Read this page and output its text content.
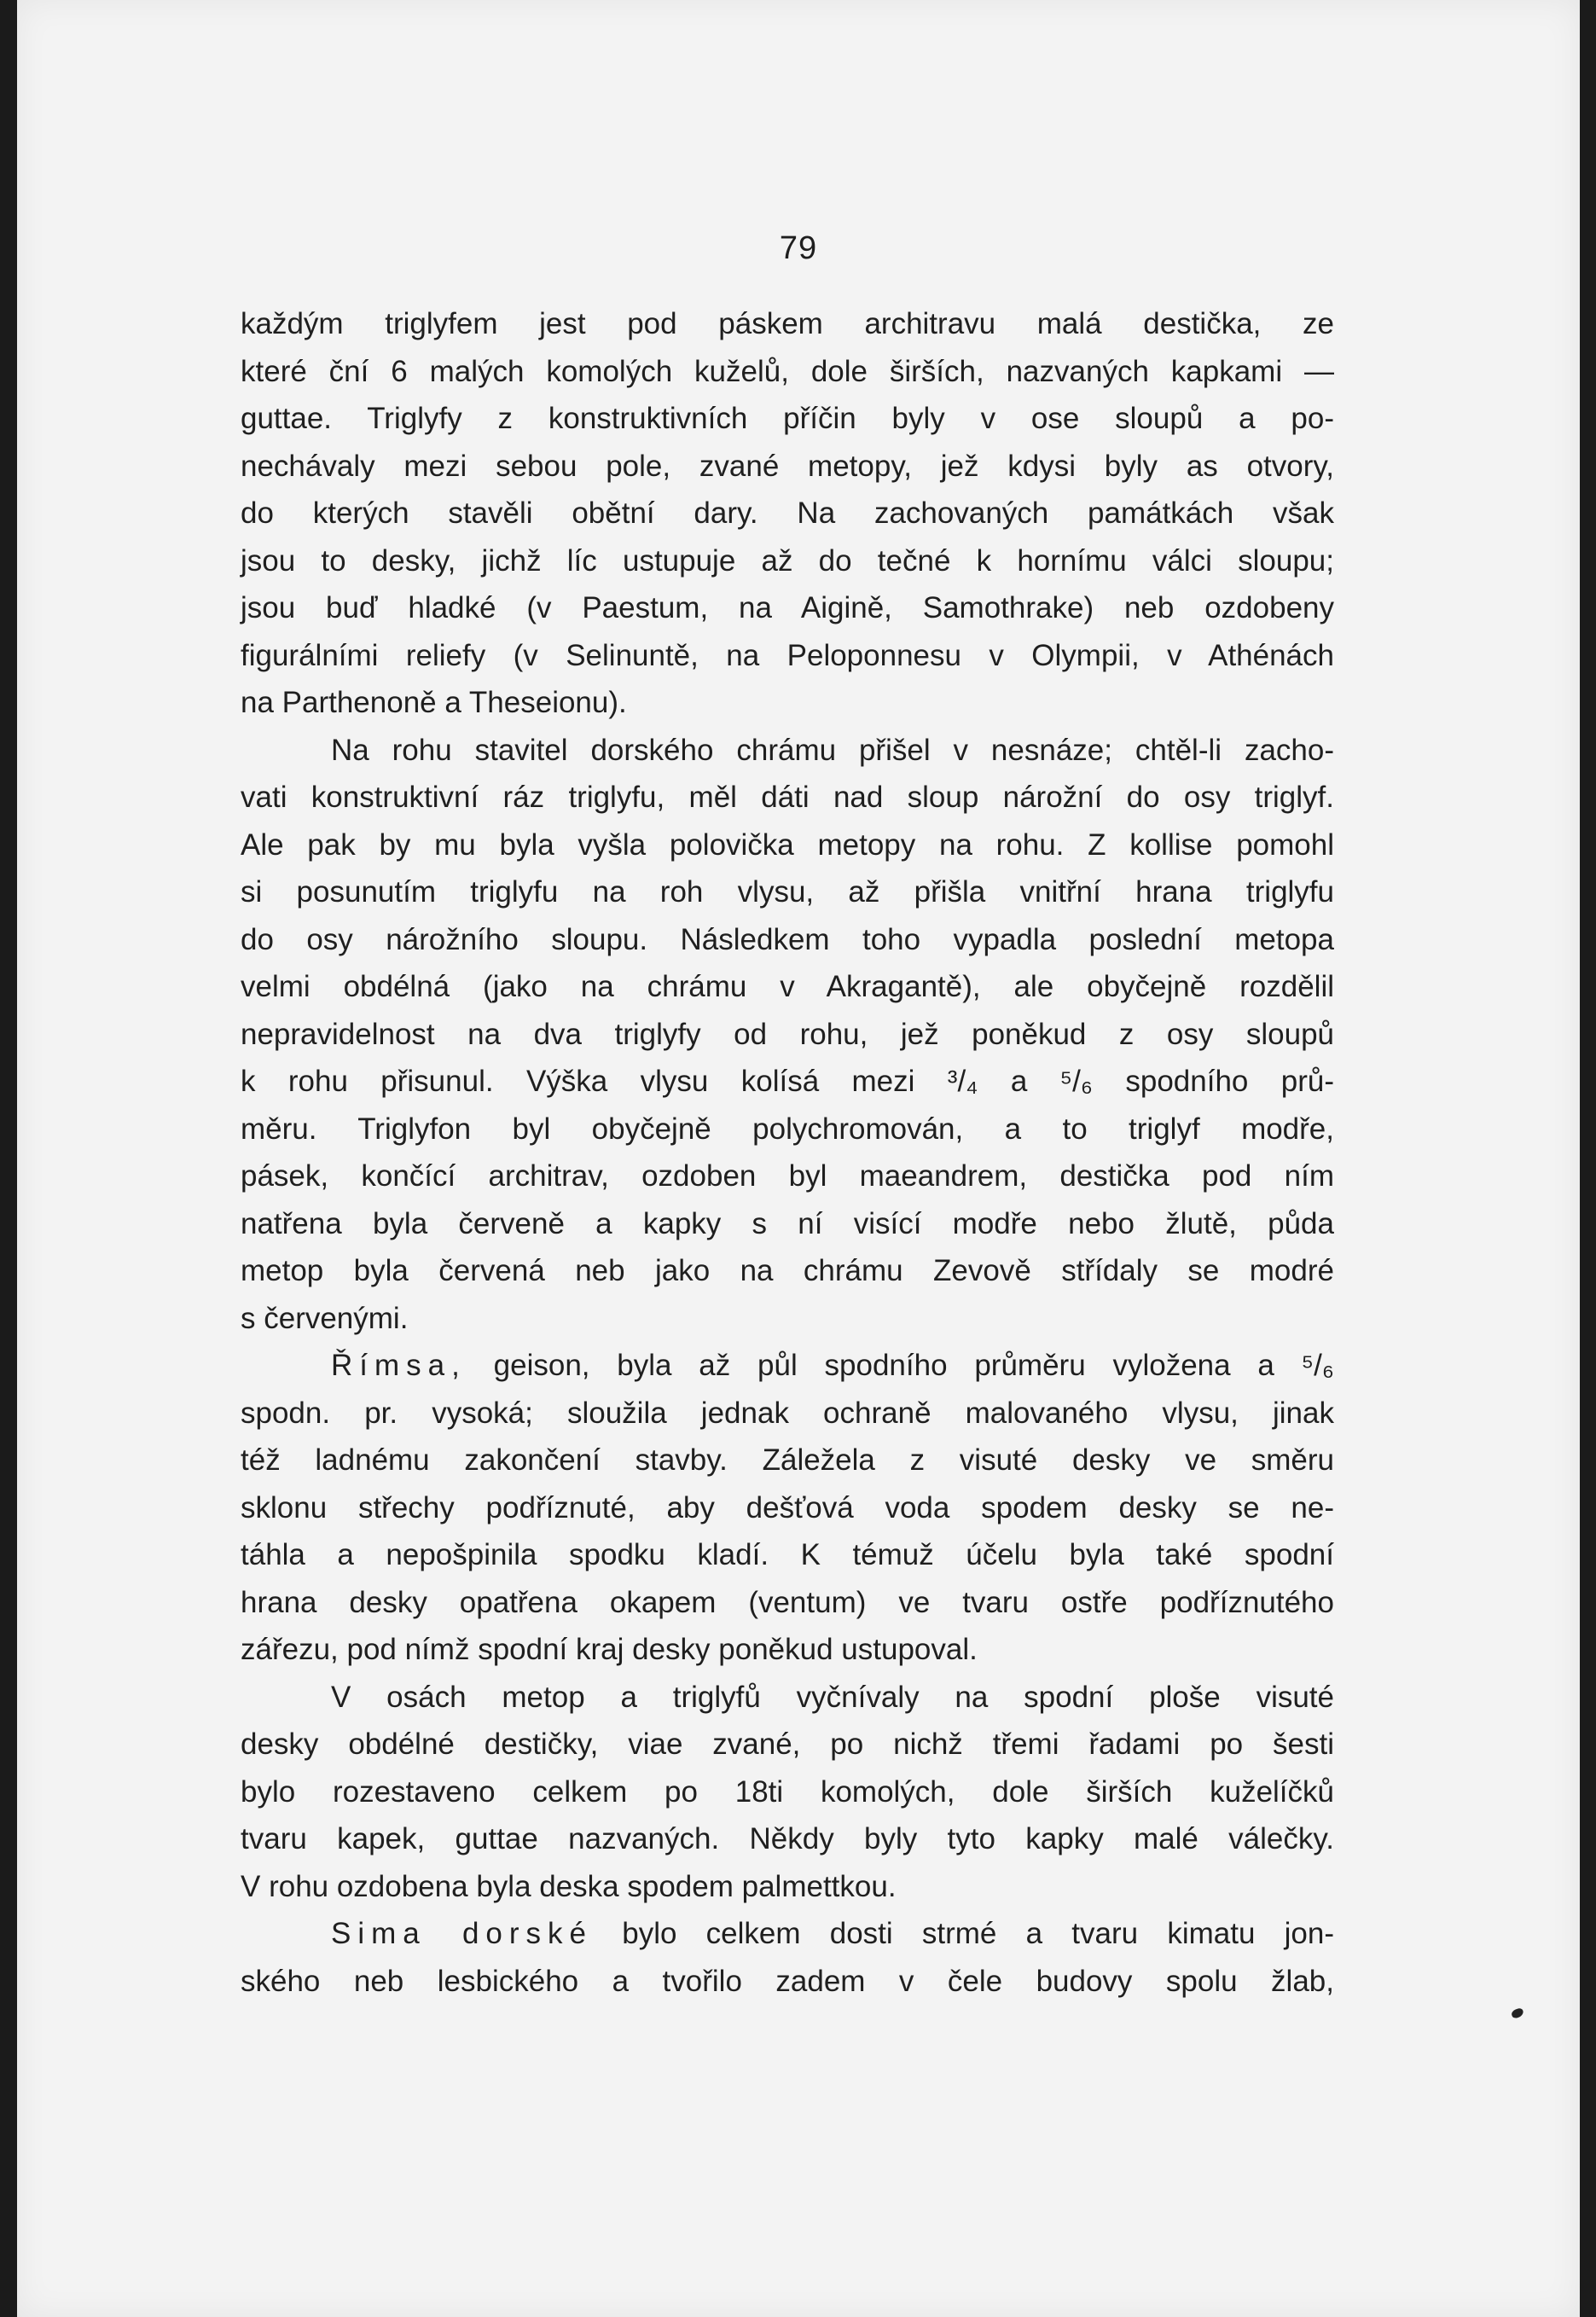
79
každým triglyfem jest pod páskem architravu malá destička, ze
které ční 6 malých komolých kuželů, dole širších, nazvaných kapkami —
guttae. Triglyfy z konstruktivních příčin byly v ose sloupů a po-
nechávaly mezi sebou pole, zvané metopy, jež kdysi byly as otvory,
do kterých stavěli obětní dary. Na zachovaných památkách však
jsou to desky, jichž líc ustupuje až do tečné k hornímu válci sloupu;
jsou buď hladké (v Paestum, na Aigině, Samothrake) neb ozdobeny
figurálními reliefy (v Selinuntě, na Peloponnesu v Olympii, v Athénách
na Parthenoně a Theseionu).
Na rohu stavitel dorského chrámu přišel v nesnáze; chtěl-li zacho-
vati konstruktivní ráz triglyfu, měl dáti nad sloup nárožní do osy triglyf.
Ale pak by mu byla vyšla polovička metopy na rohu. Z kollise pomohl
si posunutím triglyfu na roh vlysu, až přišla vnitřní hrana triglyfu
do osy nárožního sloupu. Následkem toho vypadla poslední metopa
velmi obdélná (jako na chrámu v Akragantě), ale obyčejně rozdělil
nepravidelnost na dva triglyfy od rohu, jež poněkud z osy sloupů
k rohu přisunul. Výška vlysu kolísá mezi ³/₄ a ⁵/₆ spodního prů-
měru. Triglyfon byl obyčejně polychromován, a to triglyf modře,
pásek, končící architrav, ozdoben byl maeandrem, destička pod ním
natřena byla červeně a kapky s ní visící modře nebo žlutě, půda
metop byla červená neb jako na chrámu Zevově střídaly se modré
s červenými.
Římsa, geison, byla až půl spodního průměru vyložena a ⁵/₆
spodn. pr. vysoká; sloužila jednak ochraně malovaného vlysu, jinak
též ladnému zakončení stavby. Záležela z visuté desky ve směru
sklonu střechy podříznuté, aby dešťová voda spodem desky se ne-
táhla a nepošpinila spodku kladí. K témuž účelu byla také spodní
hrana desky opatřena okapem (ventum) ve tvaru ostře podříznutého
zářezu, pod nímž spodní kraj desky poněkud ustupoval.
V osách metop a triglyfů vyčnívaly na spodní ploše visuté
desky obdélné destičky, viae zvané, po nichž třemi řadami po šesti
bylo rozestaveno celkem po 18ti komolých, dole širších kuželíčků
tvaru kapek, guttae nazvaných. Někdy byly tyto kapky malé válečky.
V rohu ozdobena byla deska spodem palmettkou.
Sima dorské bylo celkem dosti strmé a tvaru kimatu jon-
ského neb lesbického a tvořilo zadem v čele budovy spolu žlab,
